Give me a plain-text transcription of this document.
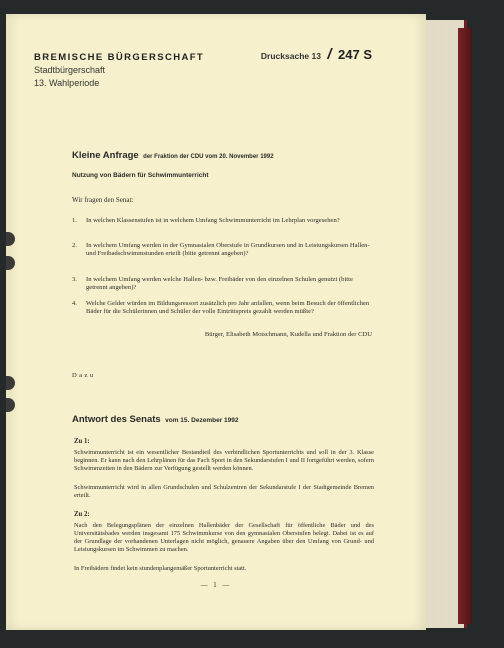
BREMISCHE BÜRGERSCHAFT
Stadtbürgerschaft
13. Wahlperiode
Drucksache 13 / 247 S
Kleine Anfrage der Fraktion der CDU vom 20. November 1992
Nutzung von Bädern für Schwimmunterricht
Wir fragen den Senat:
1. In welchen Klassenstufen ist in welchem Umfang Schwimmunterricht im Lehrplan vorgesehen?
2. In welchem Umfang werden in der Gymnasialen Oberstufe in Grundkursen und in Leistungskursen Hallen- und Freibadschwimmstunden erteilt (bitte getrennt angeben)?
3. In welchem Umfang werden welche Hallen- bzw. Freibäder von den einzelnen Schulen genutzt (bitte getrennt angeben)?
4. Welche Gelder würden im Bildungsressort zusätzlich pro Jahr anfallen, wenn beim Besuch der öffentlichen Bäder für die Schülerinnen und Schüler der volle Eintrittspreis gezahlt werden müßte?
Bürger, Elisabeth Motschmann, Kudella und Fraktion der CDU
Dazu
Antwort des Senats vom 15. Dezember 1992
Zu 1:
Schwimmunterricht ist ein wesentlicher Bestandteil des verbindlichen Sportunterrichts und soll in der 3. Klasse beginnen. Er kann nach den Lehrplänen für das Fach Sport in den Sekundarstufen I und II fortgeführt werden, sofern Schwimmzeiten in den Bädern zur Verfügung gestellt werden können.
Schwimmunterricht wird in allen Grundschulen und Schulzentren der Sekundarstufe I der Stadtgemeinde Bremen erteilt.
Zu 2:
Nach den Belegungsplänen der einzelnen Hallenbäder der Gesellschaft für öffentliche Bäder und des Universitätsbades werden insgesamt 175 Schwimmkurse von den gymnasialen Oberstufen belegt. Dabei ist es auf der Grundlage der vorhandenen Unterlagen nicht möglich, genauere Angaben über den Umfang von Grund- und Leistungskursen im Schwimmen zu machen.
In Freibädern findet kein stundenplangemäßer Sportunterricht statt.
— 1 —
